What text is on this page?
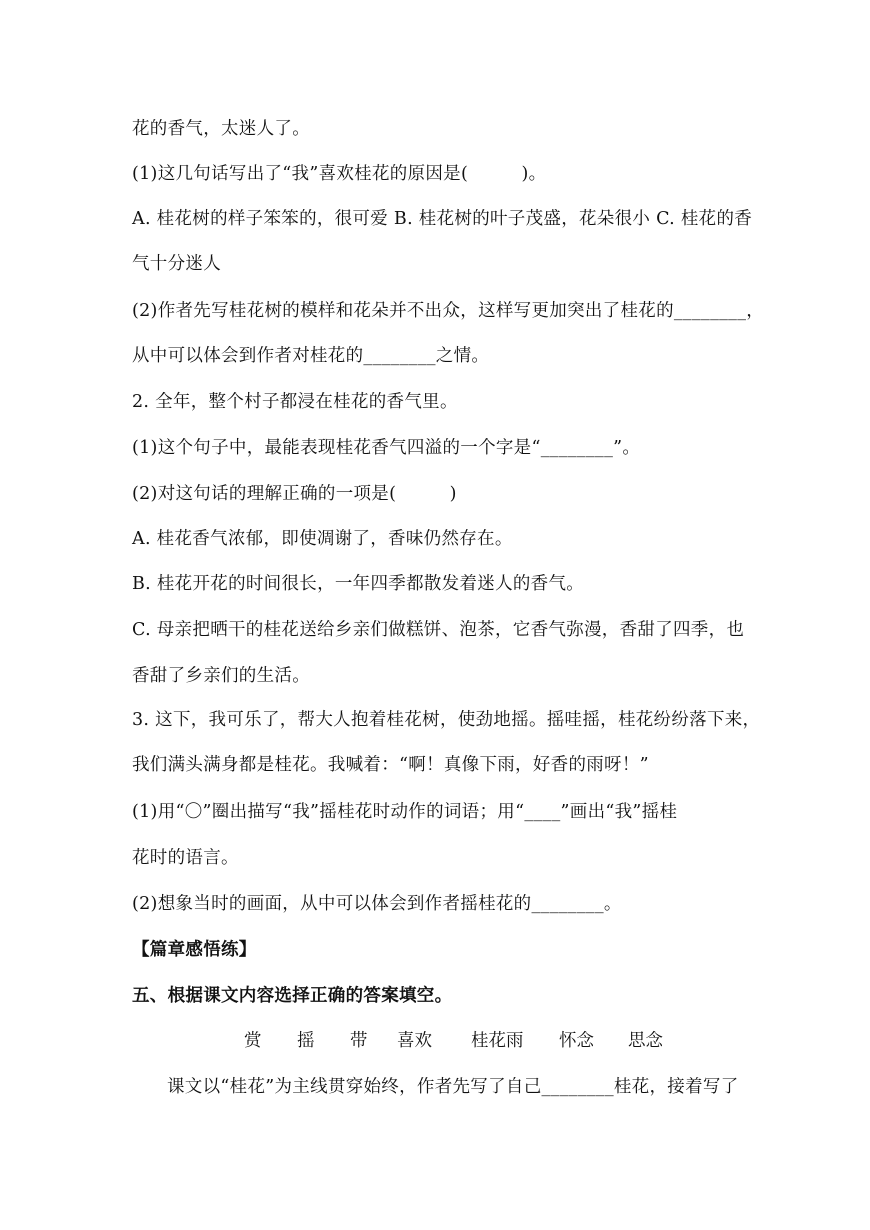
花的香气，太迷人了。

(1)这几句话写出了“我”喜欢桂花的原因是(　　　)。

A. 桂花树的样子笨笨的，很可爱 B. 桂花树的叶子茂盛，花朵很小 C. 桂花的香

气十分迷人

(2)作者先写桂花树的模样和花朵并不出众，这样写更加突出了桂花的________，

从中可以体会到作者对桂花的________之情。

2. 全年，整个村子都浸在桂花的香气里。

(1)这个句子中，最能表现桂花香气四溢的一个字是“________”。

(2)对这句话的理解正确的一项是(　　　)

A. 桂花香气浓郁，即使凋谢了，香味仍然存在。

B. 桂花开花的时间很长，一年四季都散发着迷人的香气。

C. 母亲把晒干的桂花送给乡亲们做糕饼、泡茶，它香气弥漫，香甜了四季，也

香甜了乡亲们的生活。

3. 这下，我可乐了，帮大人抱着桂花树，使劲地摇。摇哇摇，桂花纷纷落下来，

我们满头满身都是桂花。我喊着：“啊！真像下雨，好香的雨呀！”

(1)用“〇”圈出描写“我”摇桂花时动作的词语；用“____”画出“我”摇桂

花时的语言。

(2)想象当时的画面，从中可以体会到作者摇桂花的________。

【篇章感悟练】

五、根据课文内容选择正确的答案填空。

赏 摇 带 喜欢 桂花雨 怀念 思念

课文以“桂花”为主线贯穿始终，作者先写了自己________桂花，接着写了
